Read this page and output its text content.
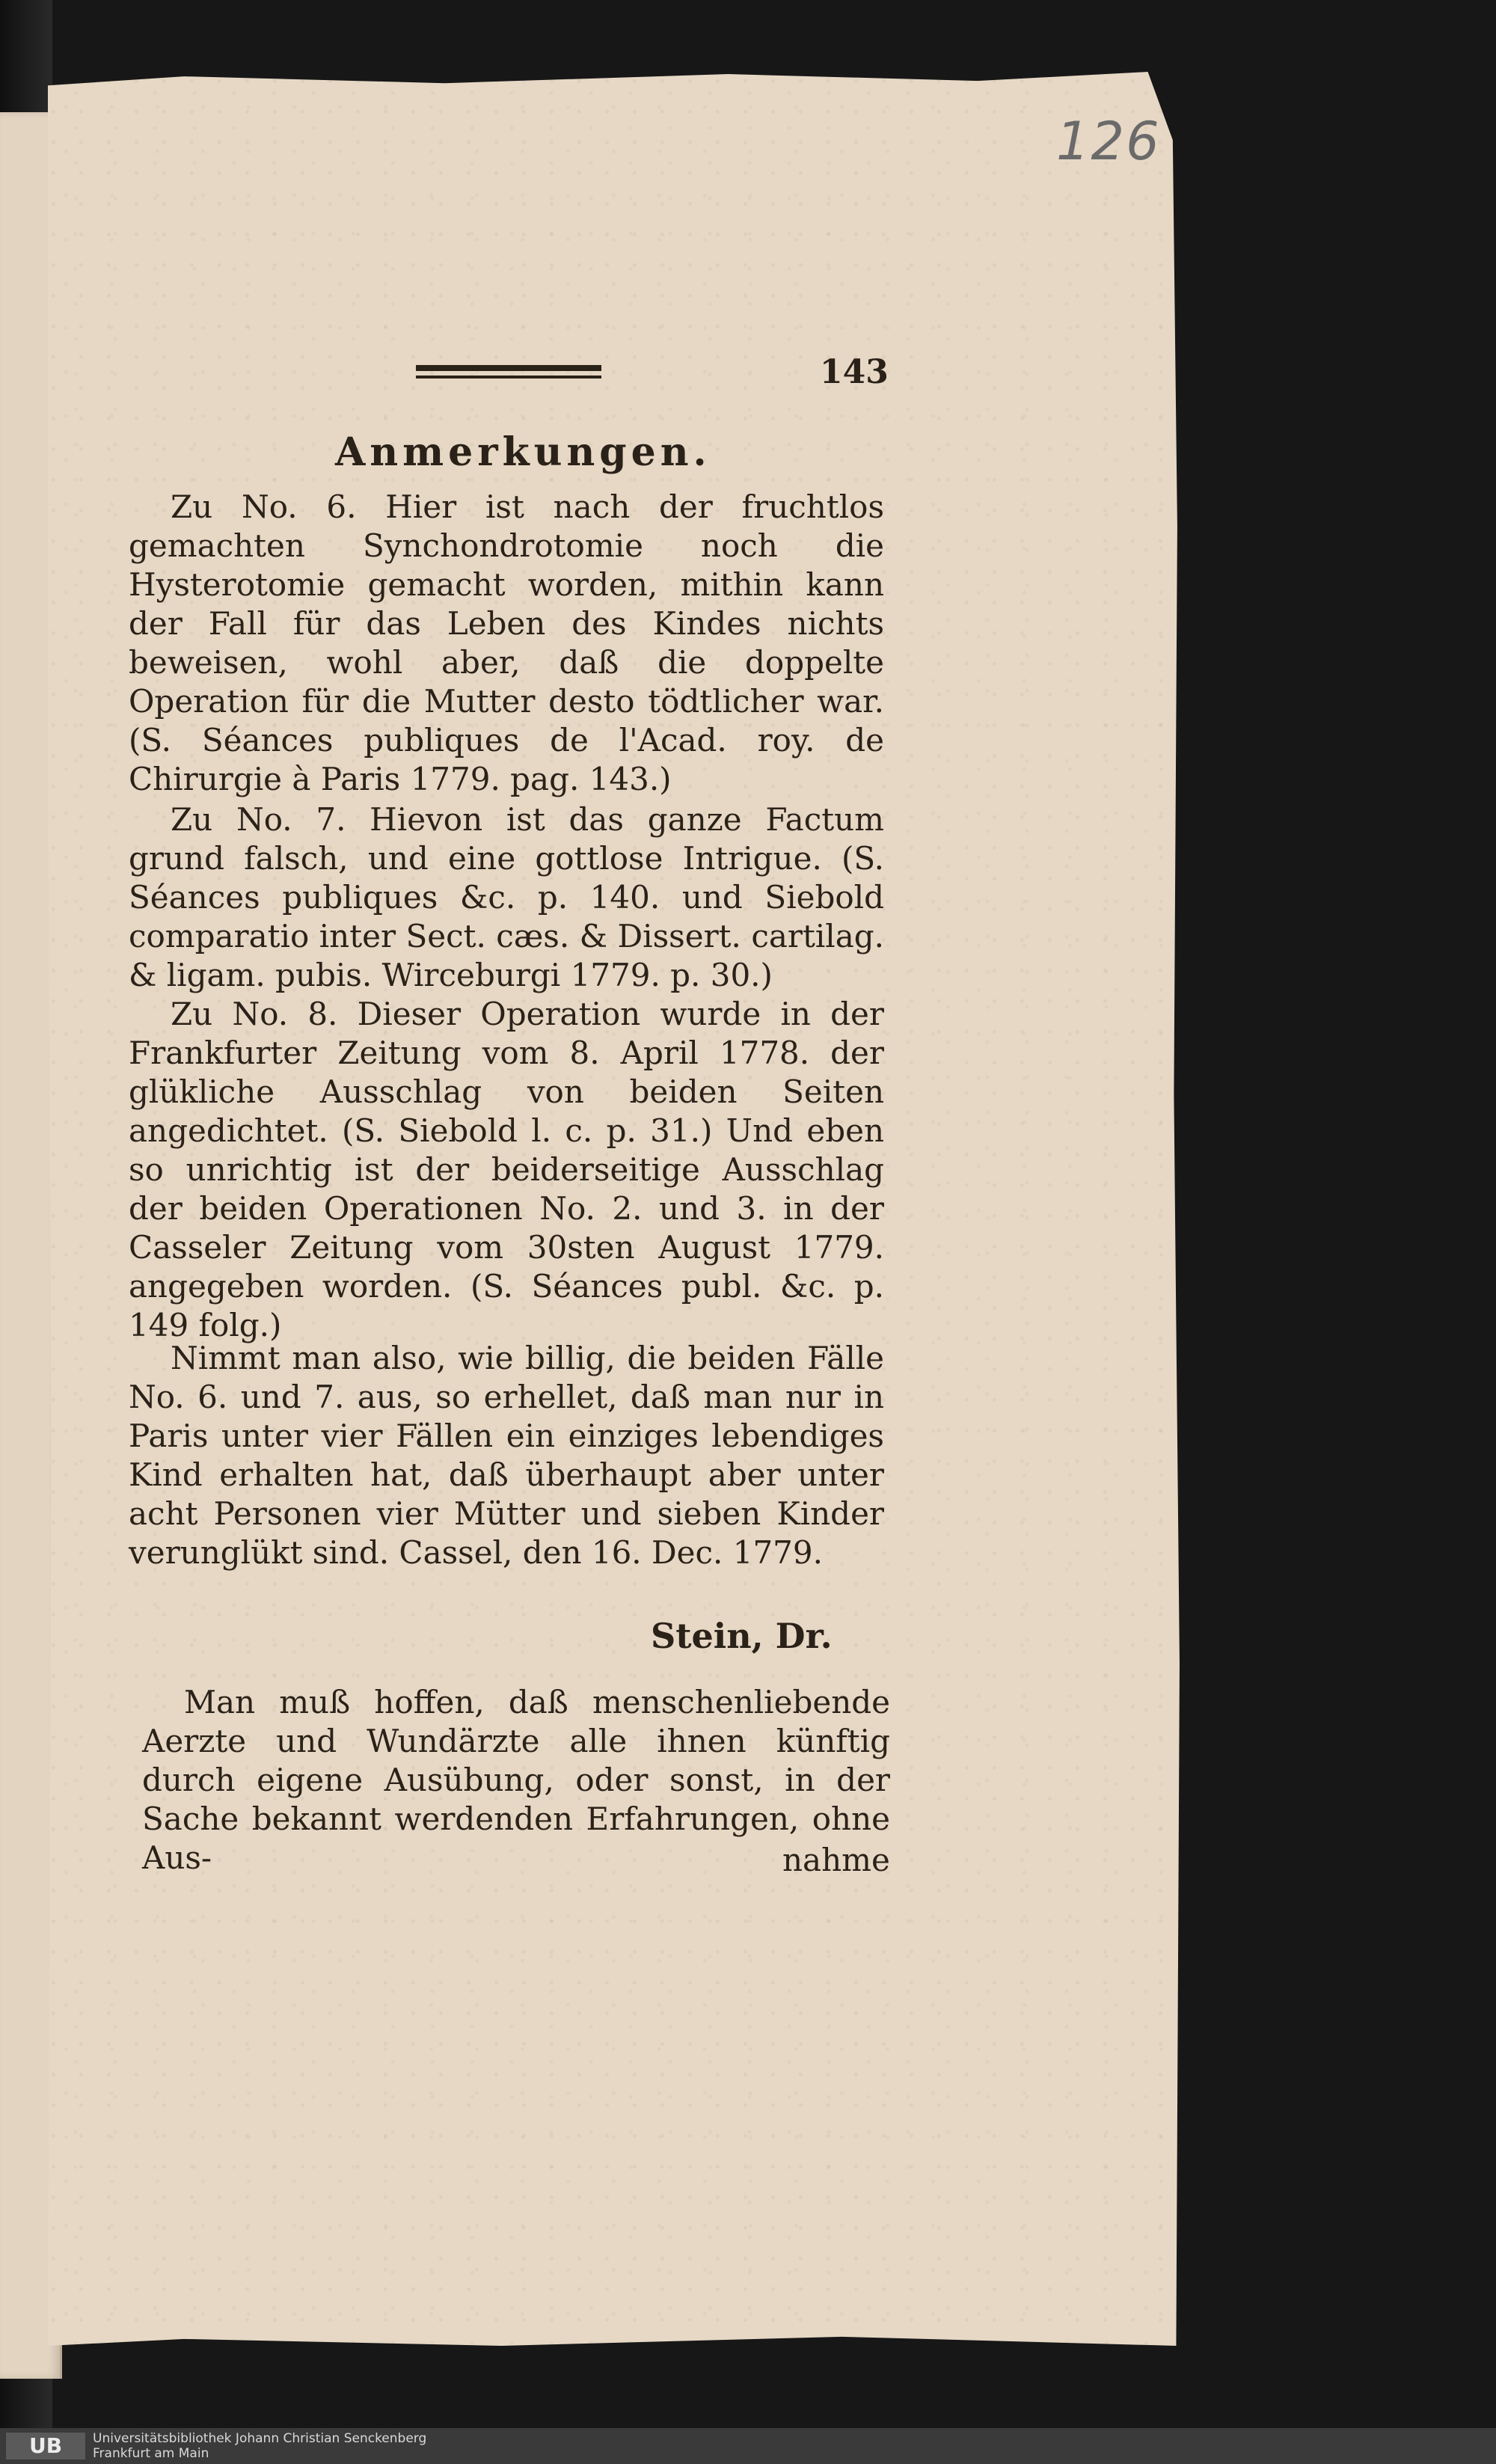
126
143
Anmerkungen.

Zu No. 6. Hier ist nach der fruchtlos gemachten Synchondrotomie noch die Hysterotomie gemacht worden, mithin kann der Fall für das Leben des Kindes nichts beweisen, wohl aber, daß die doppelte Operation für die Mutter desto tödtlicher war. (S. Séances publiques de l'Acad. roy. de Chirurgie à Paris 1779. pag. 143.)

Zu No. 7. Hievon ist das ganze Factum grund falsch, und eine gottlose Intrigue. (S. Séances publiques &c. p. 140. und Siebold comparatio inter Sect. cæs. & Dissert. cartilag. & ligam. pubis. Wirceburgi 1779. p. 30.)

Zu No. 8. Dieser Operation wurde in der Frankfurter Zeitung vom 8. April 1778. der glükliche Ausschlag von beiden Seiten angedichtet. (S. Siebold l. c. p. 31.) Und eben so unrichtig ist der beiderseitige Ausschlag der beiden Operationen No. 2. und 3. in der Casseler Zeitung vom 30sten August 1779. angegeben worden. (S. Séances publ. &c. p. 149 folg.)

Nimmt man also, wie billig, die beiden Fälle No. 6. und 7. aus, so erhellet, daß man nur in Paris unter vier Fällen ein einziges lebendiges Kind erhalten hat, daß überhaupt aber unter acht Personen vier Mütter und sieben Kinder verunglükt sind. Cassel, den 16. Dec. 1779.

Stein, Dr.

Man muß hoffen, daß menschenliebende Aerzte und Wundärzte alle ihnen künftig durch eigene Ausübung, oder sonst, in der Sache bekannt werdenden Erfahrungen, ohne Aus-	nahme
UB	Universitätsbibliothek Johann Christian Senckenberg
Frankfurt am Main
